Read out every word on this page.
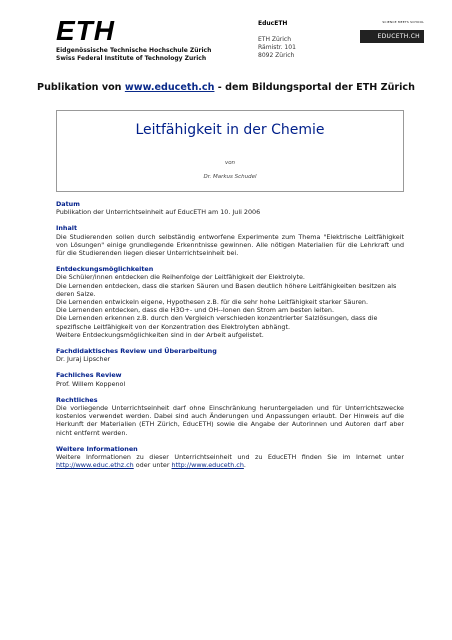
ETH
Eidgenössische Technische Hochschule Zürich
Swiss Federal Institute of Technology Zurich
EducETH
ETH Zürich
Rämistr. 101
8092 Zürich
SCIENCE MEETS SCHOOL
EDUCETH.CH
Publikation von www.educeth.ch - dem Bildungsportal der ETH Zürich
Leitfähigkeit in der Chemie
von
Dr. Markus Schudel
Datum

Publikation der Unterrichtseinheit auf EducETH am 10. Juli 2006

Inhalt

Die Studierenden sollen durch selbständig entworfene Experimente zum Thema "Elektrische Leitfähigkeit von Lösungen" einige grundlegende Erkenntnisse gewinnen. Alle nötigen Materialien für die Lehrkraft und für die Studierenden liegen dieser Unterrichtseinheit bei.

Entdeckungsmöglichkeiten

Die Schüler/innen entdecken die Reihenfolge der Leitfähigkeit der Elektrolyte.

Die Lernenden entdecken, dass die starken Säuren und Basen deutlich höhere Leitfähigkeiten besitzen als deren Salze.

Die Lernenden entwickeln eigene, Hypothesen z.B. für die sehr hohe Leitfähigkeit starker Säuren.

Die Lernenden entdecken, dass die H3O+- und OH--Ionen den Strom am besten leiten.

Die Lernenden erkennen z.B. durch den Vergleich verschieden konzentrierter Salzlösungen, dass die spezifische Leitfähigkeit von der Konzentration des Elektrolyten abhängt.

Weitere Entdeckungsmöglichkeiten sind in der Arbeit aufgelistet.

Fachdidaktisches Review und Überarbeitung

Dr. Juraj Lipscher

Fachliches Review

Prof. Willem Koppenol

Rechtliches

Die vorliegende Unterrichtseinheit darf ohne Einschränkung heruntergeladen und für Unterrichtszwecke kostenlos verwendet werden. Dabei sind auch Änderungen und Anpassungen erlaubt. Der Hinweis auf die Herkunft der Materialien (ETH Zürich, EducETH) sowie die Angabe der Autorinnen und Autoren darf aber nicht entfernt werden.

Weitere Informationen

Weitere Informationen zu dieser Unterrichtseinheit und zu EducETH finden Sie im Internet unter http://www.educ.ethz.ch oder unter http://www.educeth.ch.
